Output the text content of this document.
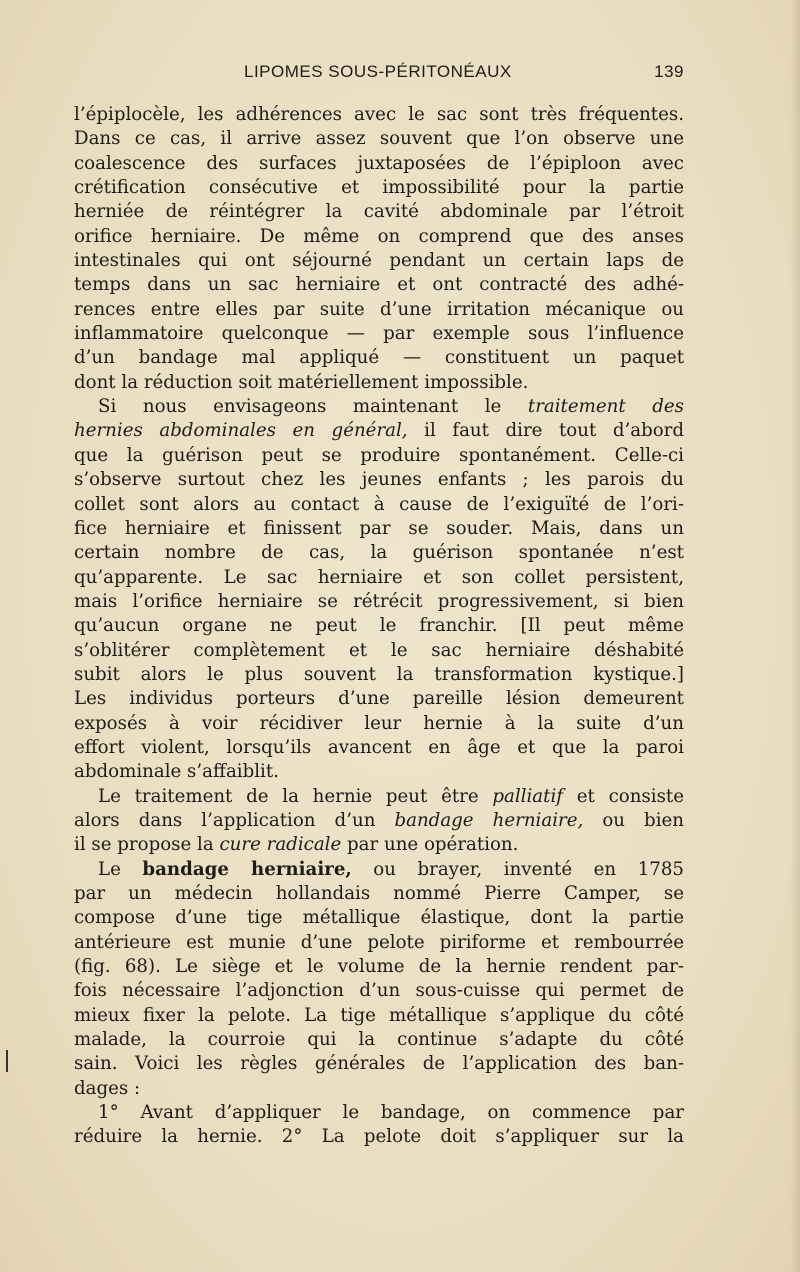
LIPOMES SOUS-PÉRITONÉAUX	139
l’épiplocèle, les adhérences avec le sac sont très fréquentes.
Dans ce cas, il arrive assez souvent que l’on observe une
coalescence des surfaces juxtaposées de l’épiploon avec
crétification consécutive et impossibilité pour la partie
herniée de réintégrer la cavité abdominale par l’étroit
orifice herniaire. De même on comprend que des anses
intestinales qui ont séjourné pendant un certain laps de
temps dans un sac herniaire et ont contracté des adhé-
rences entre elles par suite d’une irritation mécanique ou
inflammatoire quelconque — par exemple sous l’influence
d’un bandage mal appliqué — constituent un paquet
dont la réduction soit matériellement impossible.
Si nous envisageons maintenant le traitement des
hernies abdominales en général, il faut dire tout d’abord
que la guérison peut se produire spontanément. Celle-ci
s’observe surtout chez les jeunes enfants ; les parois du
collet sont alors au contact à cause de l’exiguïté de l’ori-
fice herniaire et finissent par se souder. Mais, dans un
certain nombre de cas, la guérison spontanée n’est
qu’apparente. Le sac herniaire et son collet persistent,
mais l’orifice herniaire se rétrécit progressivement, si bien
qu’aucun organe ne peut le franchir. [Il peut même
s’oblitérer complètement et le sac herniaire déshabité
subit alors le plus souvent la transformation kystique.]
Les individus porteurs d’une pareille lésion demeurent
exposés à voir récidiver leur hernie à la suite d’un
effort violent, lorsqu’ils avancent en âge et que la paroi
abdominale s’affaiblit.
Le traitement de la hernie peut être palliatif et consiste
alors dans l’application d’un bandage herniaire, ou bien
il se propose la cure radicale par une opération.
Le bandage herniaire, ou brayer, inventé en 1785
par un médecin hollandais nommé Pierre Camper, se
compose d’une tige métallique élastique, dont la partie
antérieure est munie d’une pelote piriforme et rembourrée
(fig. 68). Le siège et le volume de la hernie rendent par-
fois nécessaire l’adjonction d’un sous-cuisse qui permet de
mieux fixer la pelote. La tige métallique s’applique du côté
malade, la courroie qui la continue s’adapte du côté
sain. Voici les règles générales de l’application des ban-
dages :
1° Avant d’appliquer le bandage, on commence par
réduire la hernie. 2° La pelote doit s’appliquer sur la
